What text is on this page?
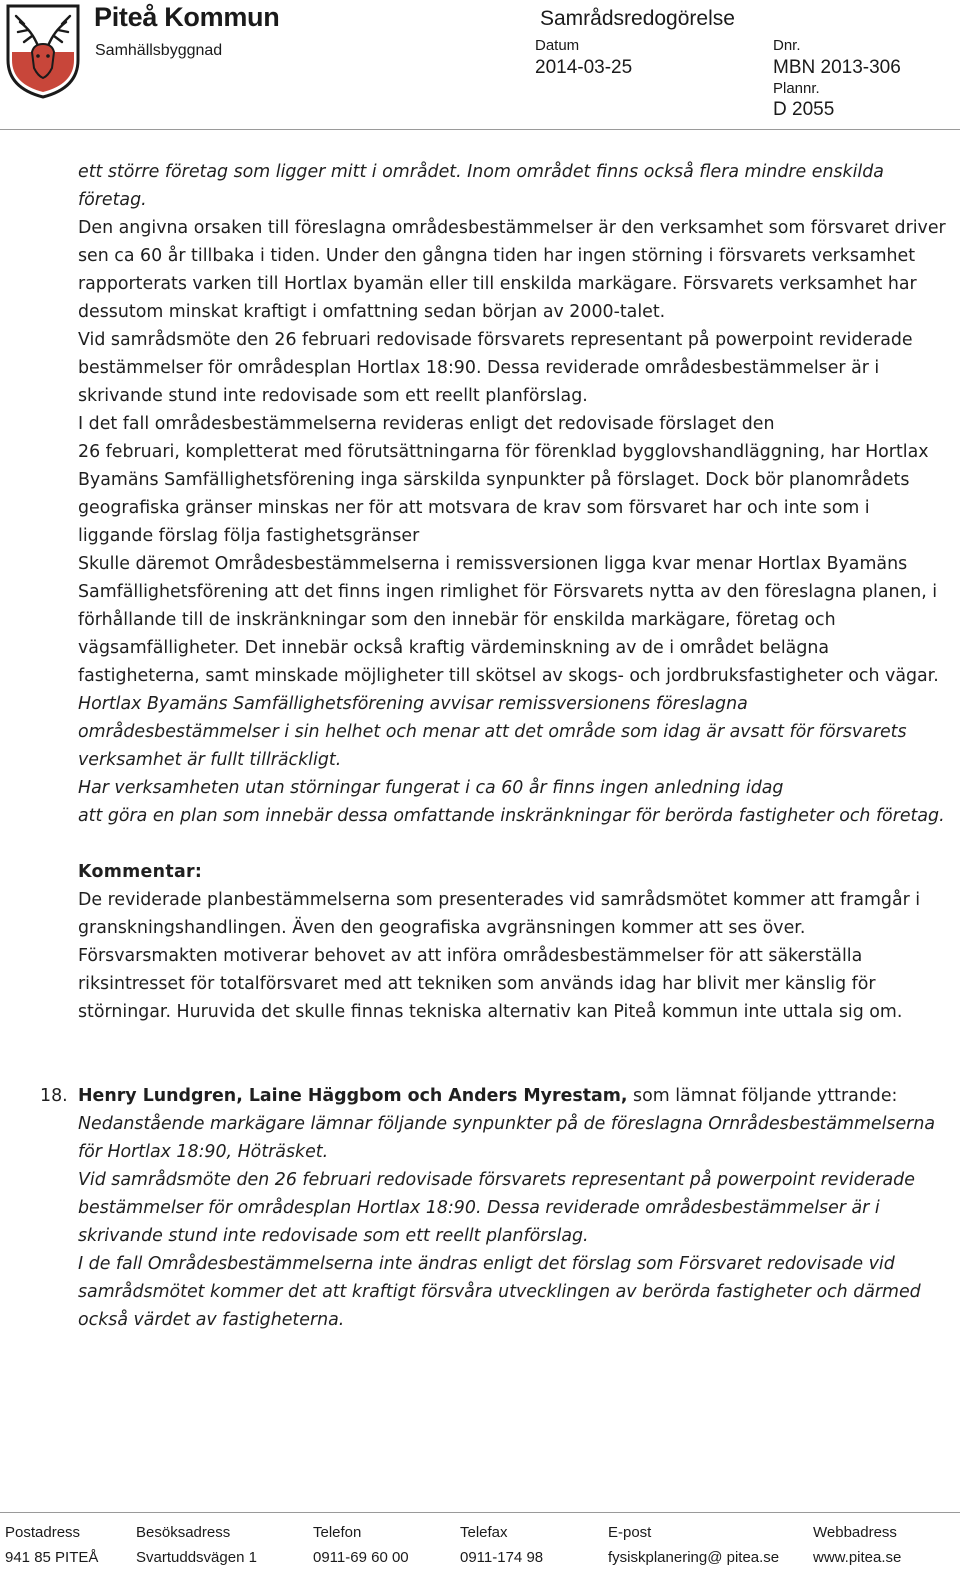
Piteå Kommun
Samhällsbyggnad
Samrådsredogörelse
Datum
2014-03-25
Dnr.
MBN 2013-306
Plannr.
D 2055

ett större företag som ligger mitt i området. Inom området finns också flera mindre enskilda företag.

Den angivna orsaken till föreslagna områdesbestämmelser är den verksamhet som försvaret driver sen ca 60 år tillbaka i tiden. Under den gångna tiden har ingen störning i försvarets verksamhet rapporterats varken till Hortlax byamän eller till enskilda markägare. Försvarets verksamhet har dessutom minskat kraftigt i omfattning sedan början av 2000-talet.

Vid samrådsmöte den 26 februari redovisade försvarets representant på powerpoint reviderade bestämmelser för områdesplan Hortlax 18:90. Dessa reviderade områdesbestämmelser är i skrivande stund inte redovisade som ett reellt planförslag.

I det fall områdesbestämmelserna revideras enligt det redovisade förslaget den

26 februari, kompletterat med förutsättningarna för förenklad bygglovshandläggning, har Hortlax Byamäns Samfällighetsförening inga särskilda synpunkter på förslaget. Dock bör planområdets geografiska gränser minskas ner för att motsvara de krav som försvaret har och inte som i liggande förslag följa fastighetsgränser

Skulle däremot Områdesbestämmelserna i remissversionen ligga kvar menar Hortlax Byamäns Samfällighetsförening att det finns ingen rimlighet för Försvarets nytta av den föreslagna planen, i förhållande till de inskränkningar som den innebär för enskilda markägare, företag och vägsamfälligheter. Det innebär också kraftig värdeminskning av de i området belägna fastigheterna, samt minskade möjligheter till skötsel av skogs- och jordbruksfastigheter och vägar.

Hortlax Byamäns Samfällighetsförening avvisar remissversionens föreslagna områdesbestämmelser i sin helhet och menar att det område som idag är avsatt för försvarets verksamhet är fullt tillräckligt.

Har verksamheten utan störningar fungerat i ca 60 år finns ingen anledning idag

att göra en plan som innebär dessa omfattande inskränkningar för berörda fastigheter och företag.

Kommentar:

De reviderade planbestämmelserna som presenterades vid samrådsmötet kommer att framgår i granskningshandlingen. Även den geografiska avgränsningen kommer att ses över.

Försvarsmakten motiverar behovet av att införa områdesbestämmelser för att säkerställa riksintresset för totalförsvaret med att tekniken som används idag har blivit mer känslig för störningar. Huruvida det skulle finnas tekniska alternativ kan Piteå kommun inte uttala sig om.

18. Henry Lundgren, Laine Häggbom och Anders Myrestam, som lämnat följande yttrande:

Nedanstående markägare lämnar följande synpunkter på de föreslagna Ornrådesbestämmelserna för Hortlax 18:90, Höträsket.

Vid samrådsmöte den 26 februari redovisade försvarets representant på powerpoint reviderade bestämmelser för områdesplan Hortlax 18:90. Dessa reviderade områdesbestämmelser är i skrivande stund inte redovisade som ett reellt planförslag.

I de fall Områdesbestämmelserna inte ändras enligt det förslag som Försvaret redovisade vid samrådsmötet kommer det att kraftigt försvåra utvecklingen av berörda fastigheter och därmed också värdet av fastigheterna.

Postadress
941 85 PITEÅ
Besöksadress
Svartuddsvägen 1
Telefon
0911-69 60 00
Telefax
0911-174 98
E-post
fysiskplanering@ pitea.se
Webbadress
www.pitea.se
